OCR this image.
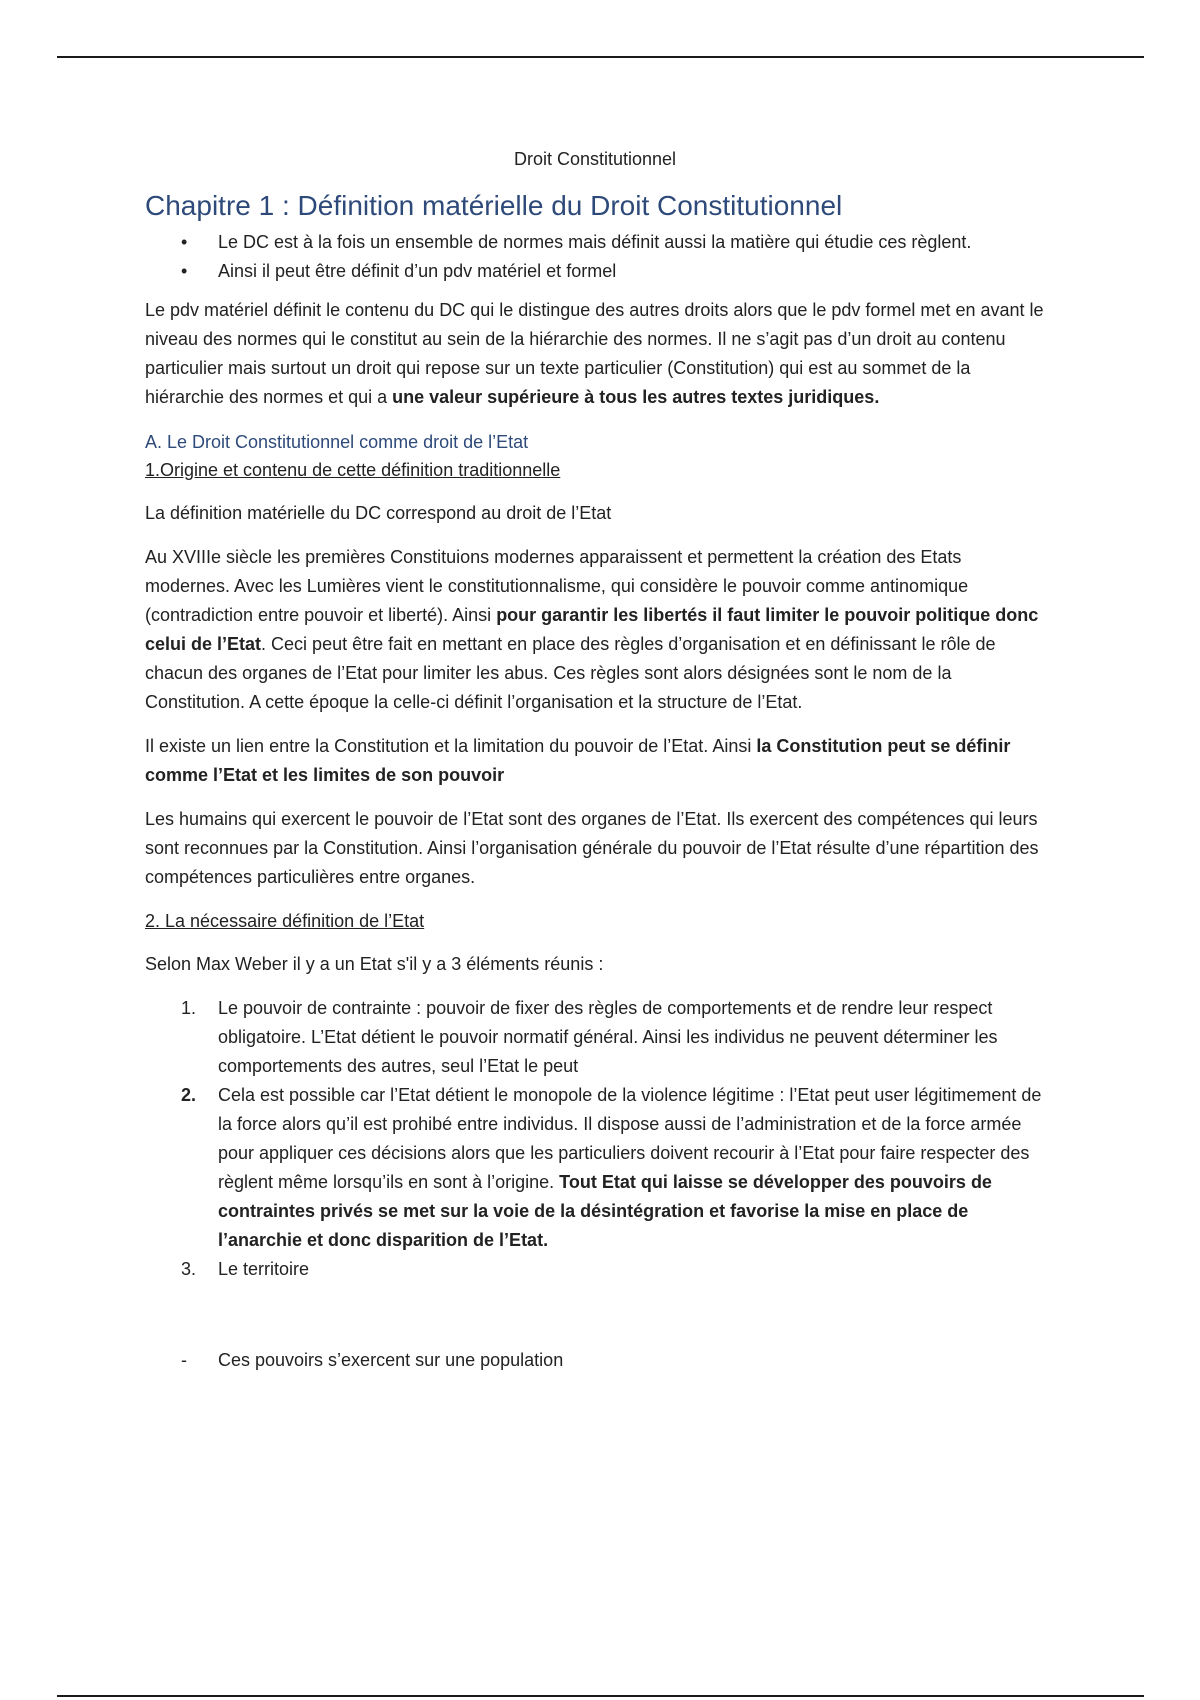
Droit Constitutionnel
Chapitre 1 : Définition matérielle du Droit Constitutionnel
• Le DC est à la fois un ensemble de normes mais définit aussi la matière qui étudie ces règlent.
• Ainsi il peut être définit d’un pdv matériel et formel

Le pdv matériel définit le contenu du DC qui le distingue des autres droits alors que le pdv formel met en avant le niveau des normes qui le constitut au sein de la hiérarchie des normes. Il ne s’agit pas d’un droit au contenu particulier mais surtout un droit qui repose sur un texte particulier (Constitution) qui est au sommet de la hiérarchie des normes et qui a une valeur supérieure à tous les autres textes juridiques.

A. Le Droit Constitutionnel comme droit de l’Etat
1.Origine et contenu de cette définition traditionnelle

La définition matérielle du DC correspond au droit de l’Etat

Au XVIIIe siècle les premières Constituions modernes apparaissent et permettent la création des Etats modernes. Avec les Lumières vient le constitutionnalisme, qui considère le pouvoir comme antinomique (contradiction entre pouvoir et liberté). Ainsi pour garantir les libertés il faut limiter le pouvoir politique donc celui de l’Etat. Ceci peut être fait en mettant en place des règles d’organisation et en définissant le rôle de chacun des organes de l’Etat pour limiter les abus. Ces règles sont alors désignées sont le nom de la Constitution. A cette époque la celle-ci définit l’organisation et la structure de l’Etat.

Il existe un lien entre la Constitution et la limitation du pouvoir de l’Etat. Ainsi la Constitution peut se définir comme l’Etat et les limites de son pouvoir

Les humains qui exercent le pouvoir de l’Etat sont des organes de l’Etat. Ils exercent des compétences qui leurs sont reconnues par la Constitution. Ainsi l’organisation générale du pouvoir de l’Etat résulte d’une répartition des compétences particulières entre organes.

2. La nécessaire définition de l’Etat

Selon Max Weber il y a un Etat s'il y a 3 éléments réunis :

1. Le pouvoir de contrainte : pouvoir de fixer des règles de comportements et de rendre leur respect obligatoire. L’Etat détient le pouvoir normatif général. Ainsi les individus ne peuvent déterminer les comportements des autres, seul l’Etat le peut
2. Cela est possible car l’Etat détient le monopole de la violence légitime : l’Etat peut user légitimement de la force alors qu’il est prohibé entre individus. Il dispose aussi de l’administration et de la force armée pour appliquer ces décisions alors que les particuliers doivent recourir à l’Etat pour faire respecter des règlent même lorsqu’ils en sont à l’origine. Tout Etat qui laisse se développer des pouvoirs de contraintes privés se met sur la voie de la désintégration et favorise la mise en place de l’anarchie et donc disparition de l’Etat.
3. Le territoire
- Ces pouvoirs s’exercent sur une population
